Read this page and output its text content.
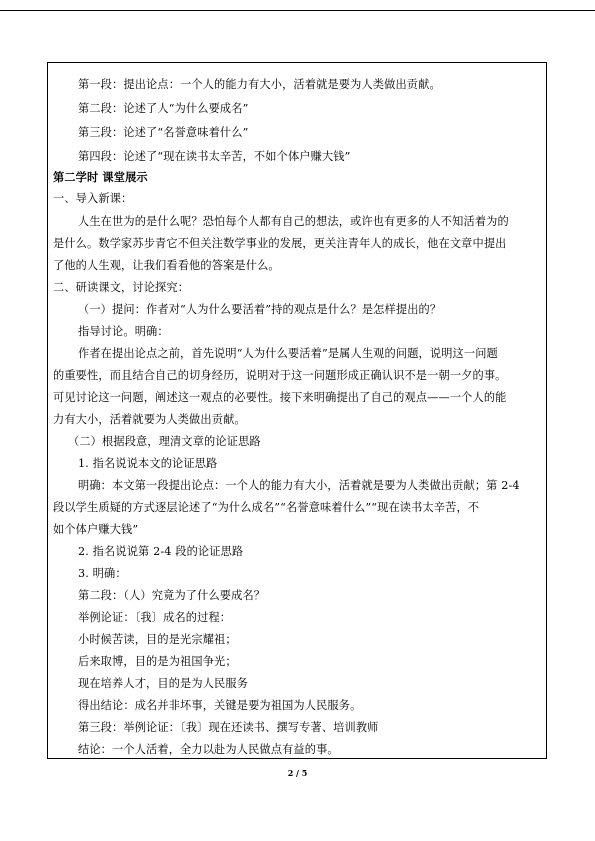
第一段：提出论点：一个人的能力有大小，活着就是要为人类做出贡献。
第二段：论述了人“为什么要成名”
第三段：论述了“名誉意味着什么”
第四段：论述了“现在读书太辛苦，不如个体户赚大钱”
第二学时 课堂展示
一、导入新课：
人生在世为的是什么呢？恐怕每个人都有自己的想法，或许也有更多的人不知活着为的
是什么。数学家苏步青它不但关注数学事业的发展，更关注青年人的成长，他在文章中提出
了他的人生观，让我们看看他的答案是什么。
二、研读课文，讨论探究：
（一）提问：作者对“人为什么要活着”持的观点是什么？是怎样提出的？
指导讨论。明确：
作者在提出论点之前，首先说明“人为什么要活着”是属人生观的问题，说明这一问题
的重要性，而且结合自己的切身经历，说明对于这一问题形成正确认识不是一朝一夕的事。
可见讨论这一问题，阐述这一观点的必要性。接下来明确提出了自己的观点——一个人的能
力有大小，活着就要为人类做出贡献。
（二）根据段意，理清文章的论证思路
1. 指名说说本文的论证思路
明确：本文第一段提出论点：一个人的能力有大小，活着就是要为人类做出贡献；第 2-4
段以学生质疑的方式逐层论述了“为什么成名”“名誉意味着什么”“现在读书太辛苦，不
如个体户赚大钱”
2. 指名说说第 2-4 段的论证思路
3. 明确：
第二段：（人）究竟为了什么要成名？
举例论证：〔我〕成名的过程：
小时候苦读，目的是光宗耀祖；
后来取博，目的是为祖国争光；
现在培养人才，目的是为人民服务
得出结论：成名并非坏事，关键是要为祖国为人民服务。
第三段：举例论证：〔我〕现在还读书、撰写专著、培训教师
结论：一个人活着，全力以赴为人民做点有益的事。
2 / 5
